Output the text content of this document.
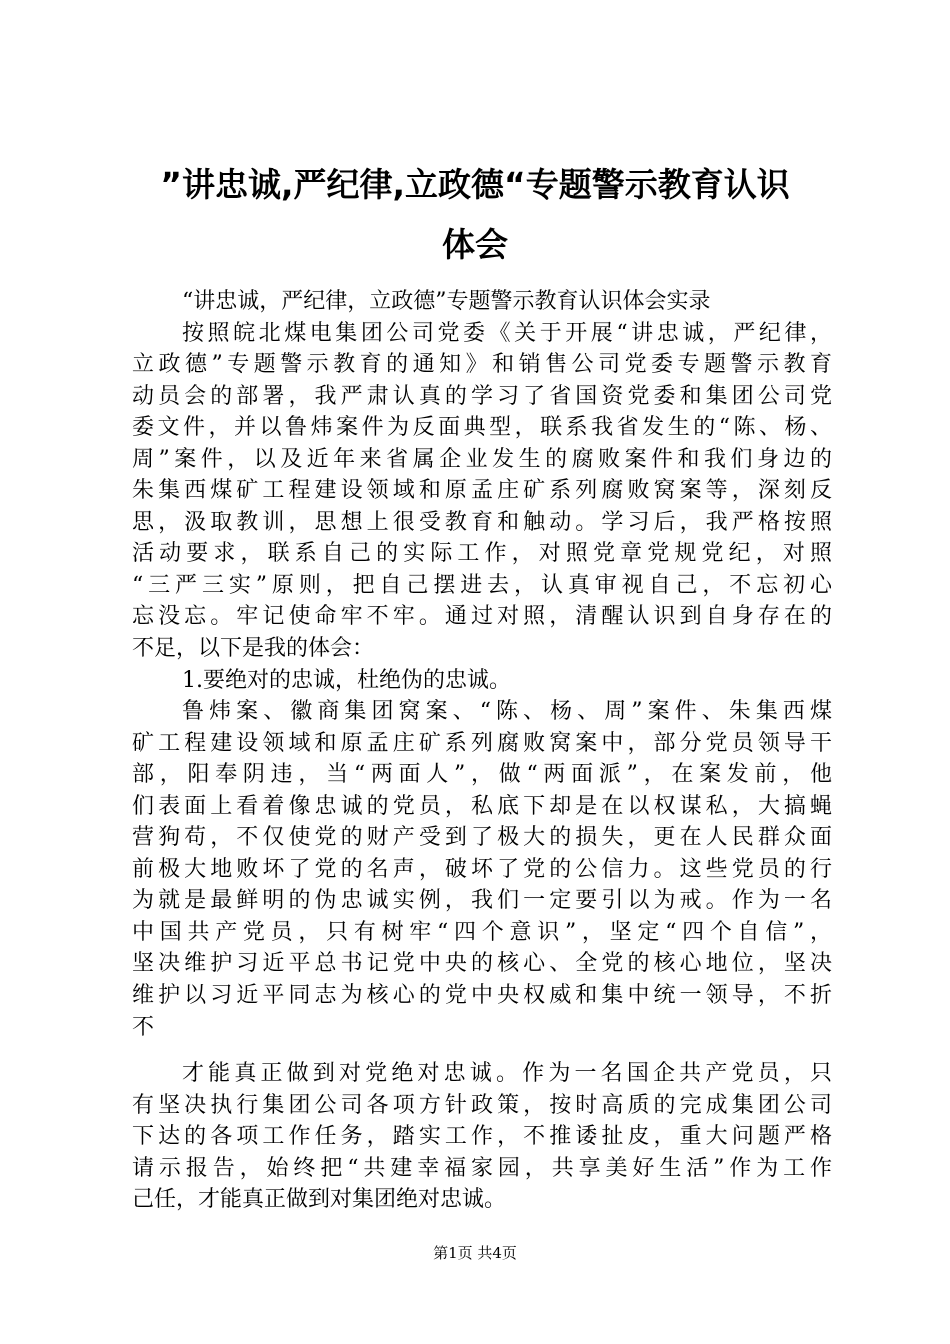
”讲忠诚,严纪律,立政德“专题警示教育认识
体会
“讲忠诚，严纪律，立政德”专题警示教育认识体会实录
按照皖北煤电集团公司党委《关于开展“讲忠诚，严纪律，
立政德”专题警示教育的通知》和销售公司党委专题警示教育
动员会的部署，我严肃认真的学习了省国资党委和集团公司党
委文件，并以鲁炜案件为反面典型，联系我省发生的“陈、杨、
周”案件，以及近年来省属企业发生的腐败案件和我们身边的
朱集西煤矿工程建设领域和原孟庄矿系列腐败窝案等，深刻反
思，汲取教训，思想上很受教育和触动。学习后，我严格按照
活动要求，联系自己的实际工作，对照党章党规党纪，对照
“三严三实”原则，把自己摆进去，认真审视自己，不忘初心
忘没忘。牢记使命牢不牢。通过对照，清醒认识到自身存在的
不足，以下是我的体会：
1.要绝对的忠诚，杜绝伪的忠诚。
鲁炜案、徽商集团窝案、“陈、杨、周”案件、朱集西煤
矿工程建设领域和原孟庄矿系列腐败窝案中，部分党员领导干
部，阳奉阴违，当“两面人”，做“两面派”，在案发前，他
们表面上看着像忠诚的党员，私底下却是在以权谋私，大搞蝇
营狗苟，不仅使党的财产受到了极大的损失，更在人民群众面
前极大地败坏了党的名声，破坏了党的公信力。这些党员的行
为就是最鲜明的伪忠诚实例，我们一定要引以为戒。作为一名
中国共产党员，只有树牢“四个意识”，坚定“四个自信”，
坚决维护习近平总书记党中央的核心、全党的核心地位，坚决
维护以习近平同志为核心的党中央权威和集中统一领导，不折
不
才能真正做到对党绝对忠诚。作为一名国企共产党员，只
有坚决执行集团公司各项方针政策，按时高质的完成集团公司
下达的各项工作任务，踏实工作，不推诿扯皮，重大问题严格
请示报告，始终把“共建幸福家园，共享美好生活”作为工作
己任，才能真正做到对集团绝对忠诚。
第1页 共4页
